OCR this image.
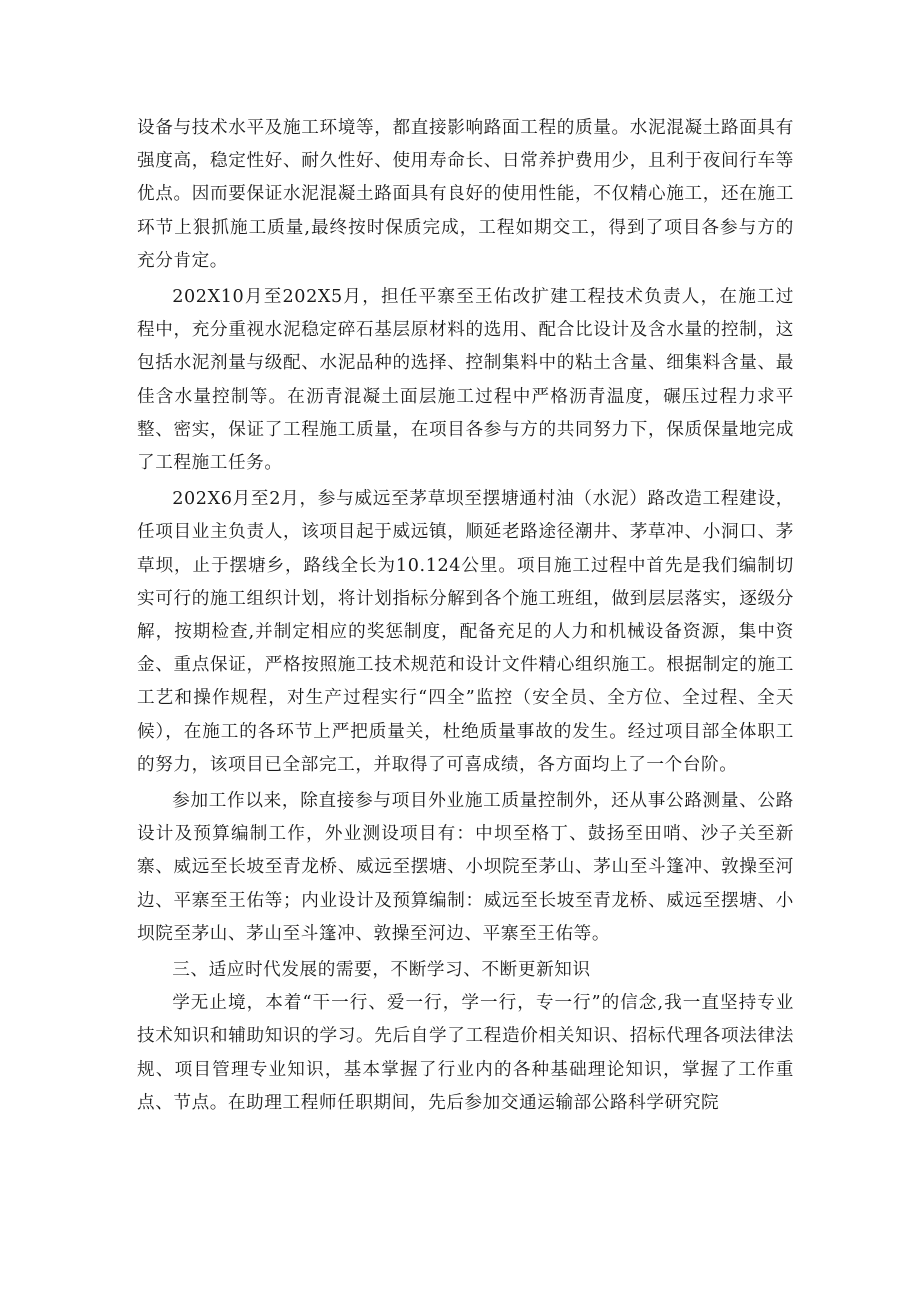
设备与技术水平及施工环境等，都直接影响路面工程的质量。水泥混凝土路面具有强度高，稳定性好、耐久性好、使用寿命长、日常养护费用少，且利于夜间行车等优点。因而要保证水泥混凝土路面具有良好的使用性能，不仅精心施工，还在施工环节上狠抓施工质量,最终按时保质完成，工程如期交工，得到了项目各参与方的充分肯定。

202X10月至202X5月，担任平寨至王佑改扩建工程技术负责人，在施工过程中，充分重视水泥稳定碎石基层原材料的选用、配合比设计及含水量的控制，这包括水泥剂量与级配、水泥品种的选择、控制集料中的粘土含量、细集料含量、最佳含水量控制等。在沥青混凝土面层施工过程中严格沥青温度，碾压过程力求平整、密实，保证了工程施工质量，在项目各参与方的共同努力下，保质保量地完成了工程施工任务。

202X6月至2月，参与威远至茅草坝至摆塘通村油（水泥）路改造工程建设，任项目业主负责人，该项目起于威远镇，顺延老路途径潮井、茅草冲、小洞口、茅草坝，止于摆塘乡，路线全长为10.124公里。项目施工过程中首先是我们编制切实可行的施工组织计划，将计划指标分解到各个施工班组，做到层层落实，逐级分解，按期检查,并制定相应的奖惩制度，配备充足的人力和机械设备资源，集中资金、重点保证，严格按照施工技术规范和设计文件精心组织施工。根据制定的施工工艺和操作规程，对生产过程实行“四全”监控（安全员、全方位、全过程、全天候），在施工的各环节上严把质量关，杜绝质量事故的发生。经过项目部全体职工的努力，该项目已全部完工，并取得了可喜成绩，各方面均上了一个台阶。

参加工作以来，除直接参与项目外业施工质量控制外，还从事公路测量、公路设计及预算编制工作，外业测设项目有：中坝至格丁、鼓扬至田哨、沙子关至新寨、威远至长坡至青龙桥、威远至摆塘、小坝院至茅山、茅山至斗篷冲、敦操至河边、平寨至王佑等；内业设计及预算编制：威远至长坡至青龙桥、威远至摆塘、小坝院至茅山、茅山至斗篷冲、敦操至河边、平寨至王佑等。

三、适应时代发展的需要，不断学习、不断更新知识

学无止境，本着“干一行、爱一行，学一行，专一行”的信念,我一直坚持专业技术知识和辅助知识的学习。先后自学了工程造价相关知识、招标代理各项法律法规、项目管理专业知识，基本掌握了行业内的各种基础理论知识，掌握了工作重点、节点。在助理工程师任职期间，先后参加交通运输部公路科学研究院
